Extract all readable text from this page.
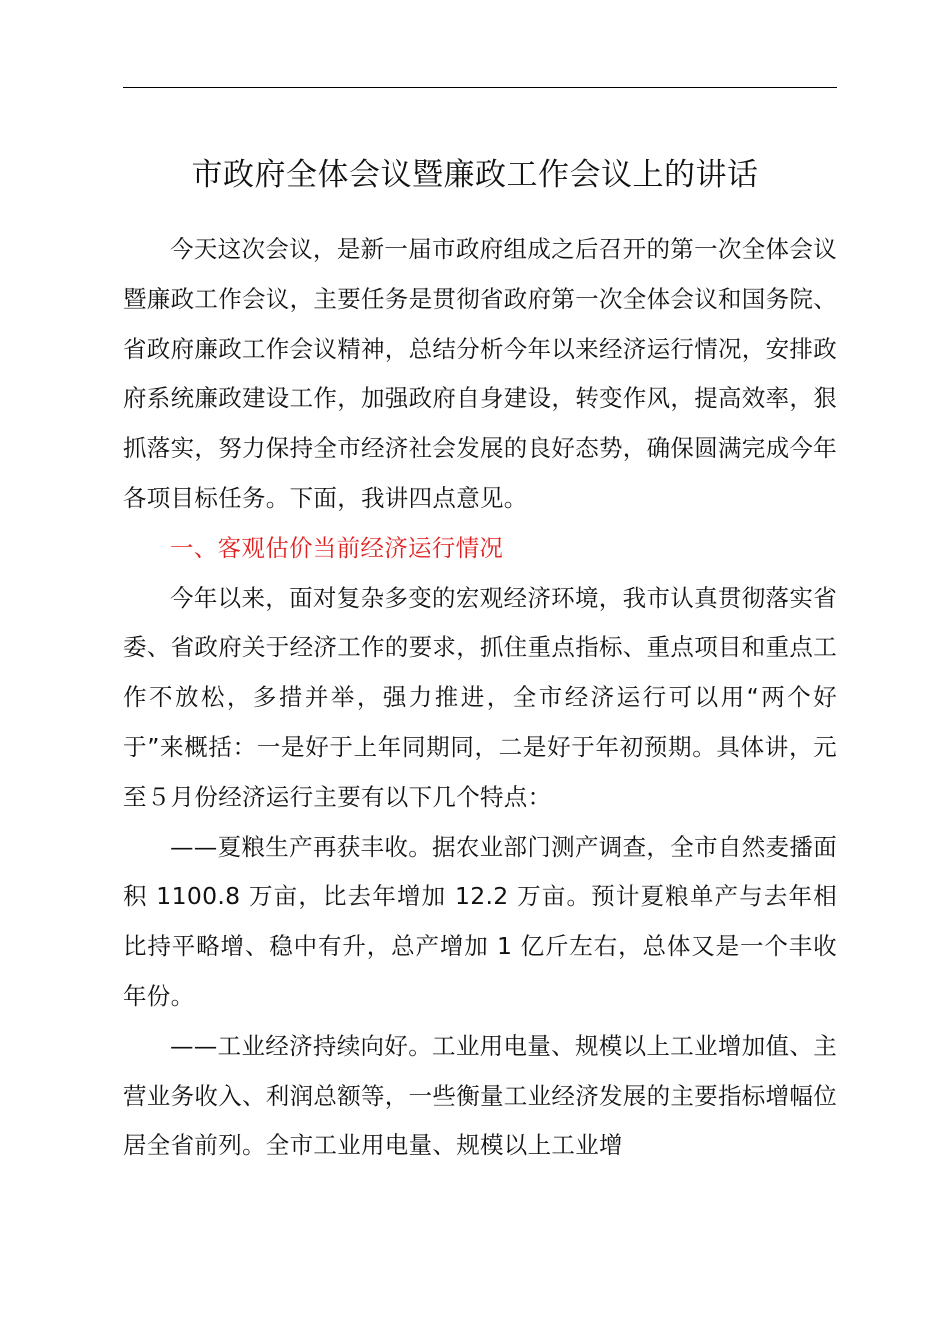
市政府全体会议暨廉政工作会议上的讲话

今天这次会议，是新一届市政府组成之后召开的第一次全体会议暨廉政工作会议，主要任务是贯彻省政府第一次全体会议和国务院、省政府廉政工作会议精神，总结分析今年以来经济运行情况，安排政府系统廉政建设工作，加强政府自身建设，转变作风，提高效率，狠抓落实，努力保持全市经济社会发展的良好态势，确保圆满完成今年各项目标任务。下面，我讲四点意见。

一、客观估价当前经济运行情况

今年以来，面对复杂多变的宏观经济环境，我市认真贯彻落实省委、省政府关于经济工作的要求，抓住重点指标、重点项目和重点工作不放松，多措并举，强力推进，全市经济运行可以用“两个好于”来概括：一是好于上年同期同，二是好于年初预期。具体讲，元至５月份经济运行主要有以下几个特点：

——夏粮生产再获丰收。据农业部门测产调查，全市自然麦播面积 1100.8 万亩，比去年增加 12.2 万亩。预计夏粮单产与去年相比持平略增、稳中有升，总产增加 1 亿斤左右，总体又是一个丰收年份。

——工业经济持续向好。工业用电量、规模以上工业增加值、主营业务收入、利润总额等，一些衡量工业经济发展的主要指标增幅位居全省前列。全市工业用电量、规模以上工业增
